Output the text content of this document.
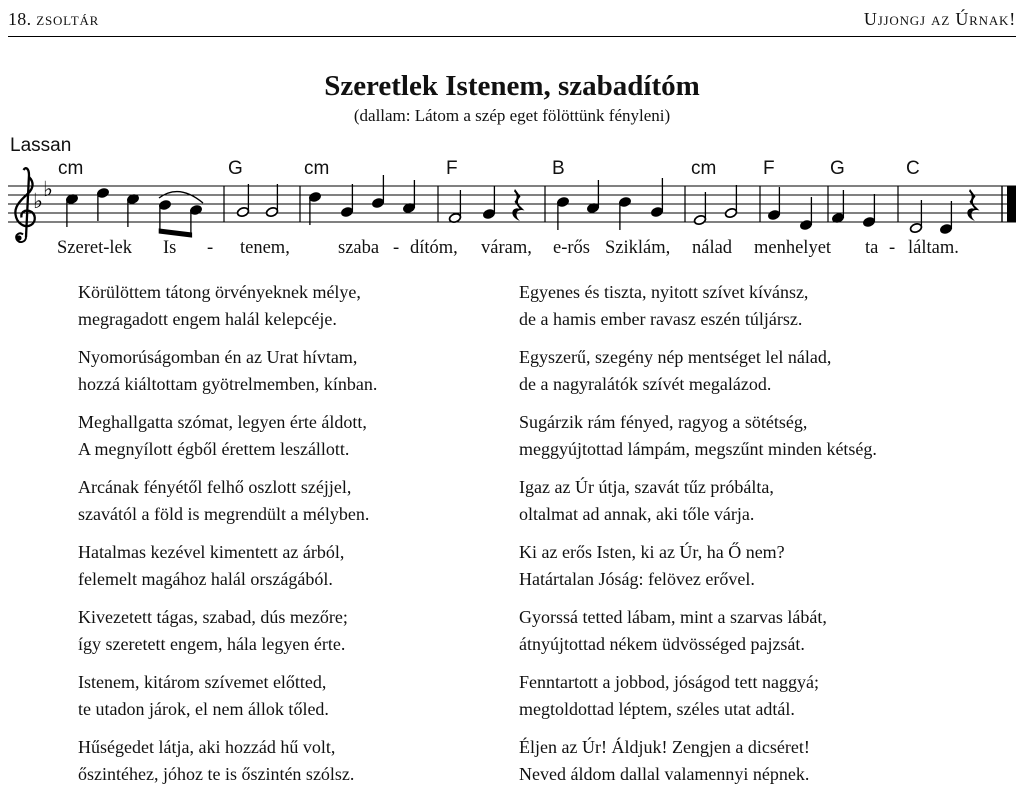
18. zsoltár	Ujjongj az Úrnak!
Szeretlek Istenem, szabadítóm
(dallam: Látom a szép eget fölöttünk fényleni)
Lassan
cm	G	cm	F	B	cm F	G	C
♭ ♭
Szeret-lek Is - tenem,	szaba - dítóm, váram, e-rős Sziklám, nálad menhelyet ta - láltam.
Körülöttem tátong örvényeknek mélye,
megragadott engem halál kelepcéje.
Nyomorúságomban én az Urat hívtam,
hozzá kiáltottam gyötrelmemben, kínban.
Meghallgatta szómat, legyen érte áldott,
A megnyílott égből érettem leszállott.
Arcának fényétől felhő oszlott széjjel,
szavától a föld is megrendült a mélyben.
Hatalmas kezével kimentett az árból,
felemelt magához halál országából.
Kivezetett tágas, szabad, dús mezőre;
így szeretett engem, hála legyen érte.
Istenem, kitárom szívemet előtted,
te utadon járok, el nem állok tőled.
Hűségedet látja, aki hozzád hű volt,
őszintéhez, jóhoz te is őszintén szólsz.
Egyenes és tiszta, nyitott szívet kívánsz,
de a hamis ember ravasz eszén túljársz.
Egyszerű, szegény nép mentséget lel nálad,
de a nagyralátók szívét megalázod.
Sugárzik rám fényed, ragyog a sötétség,
meggyújtottad lámpám, megszűnt minden kétség.
Igaz az Úr útja, szavát tűz próbálta,
oltalmat ad annak, aki tőle várja.
Ki az erős Isten, ki az Úr, ha Ő nem?
Határtalan Jóság: felövez erővel.
Gyorssá tetted lábam, mint a szarvas lábát,
átnyújtottad nékem üdvösséged pajzsát.
Fenntartott a jobbod, jóságod tett naggyá;
megtoldottad léptem, széles utat adtál.
Éljen az Úr! Áldjuk! Zengjen a dicséret!
Neved áldom dallal valamennyi népnek.
